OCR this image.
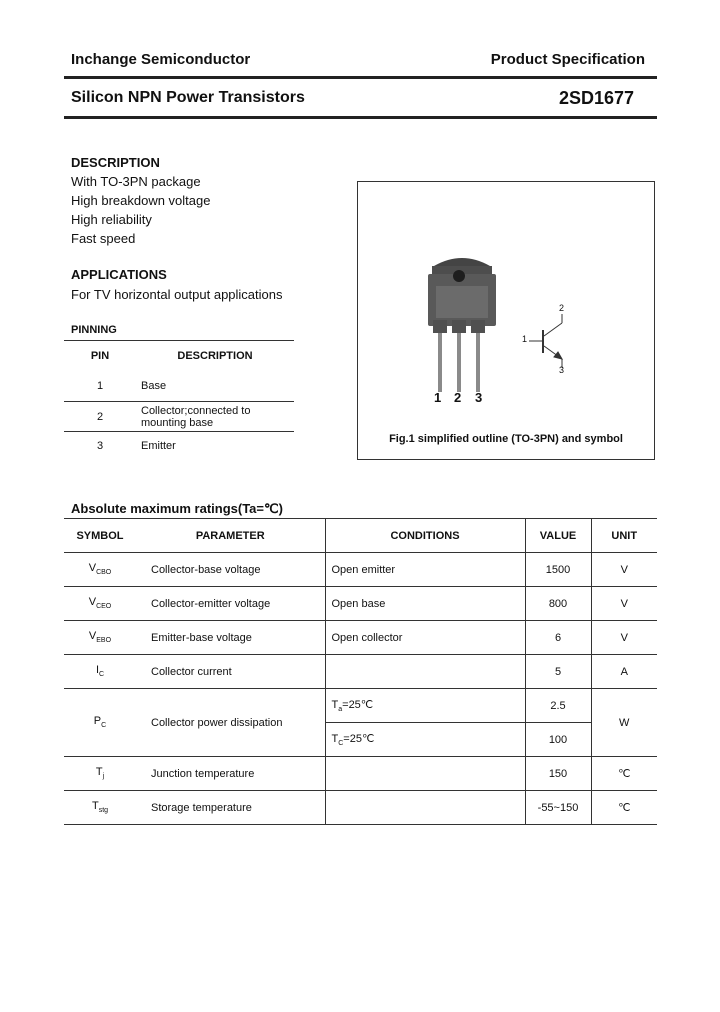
Inchange Semiconductor	Product Specification
Silicon NPN Power Transistors	2SD1677
DESCRIPTION
With TO-3PN package
High breakdown voltage
High reliability
Fast speed
APPLICATIONS
For TV horizontal output applications
PINNING
PIN	DESCRIPTION
1	Base
2	Collector;connected to mounting base
3	Emitter
1 2 3
1
2
3
Fig.1 simplified outline (TO-3PN) and symbol
Absolute maximum ratings(Ta=℃)
SYMBOL	PARAMETER	CONDITIONS	VALUE	UNIT
$V_{CBO}$	Collector-base voltage	Open emitter	1500	V
$V_{CEO}$	Collector-emitter voltage	Open base	800	V
$V_{EBO}$	Emitter-base voltage	Open collector	6	V
$I_C$	Collector current		5	A
$P_C$	Collector power dissipation	$T_a=25℃$	2.5	W
		$T_C=25℃$	100	
$T_j$	Junction temperature		150	℃
$T_{stg}$	Storage temperature		-55~150	℃
